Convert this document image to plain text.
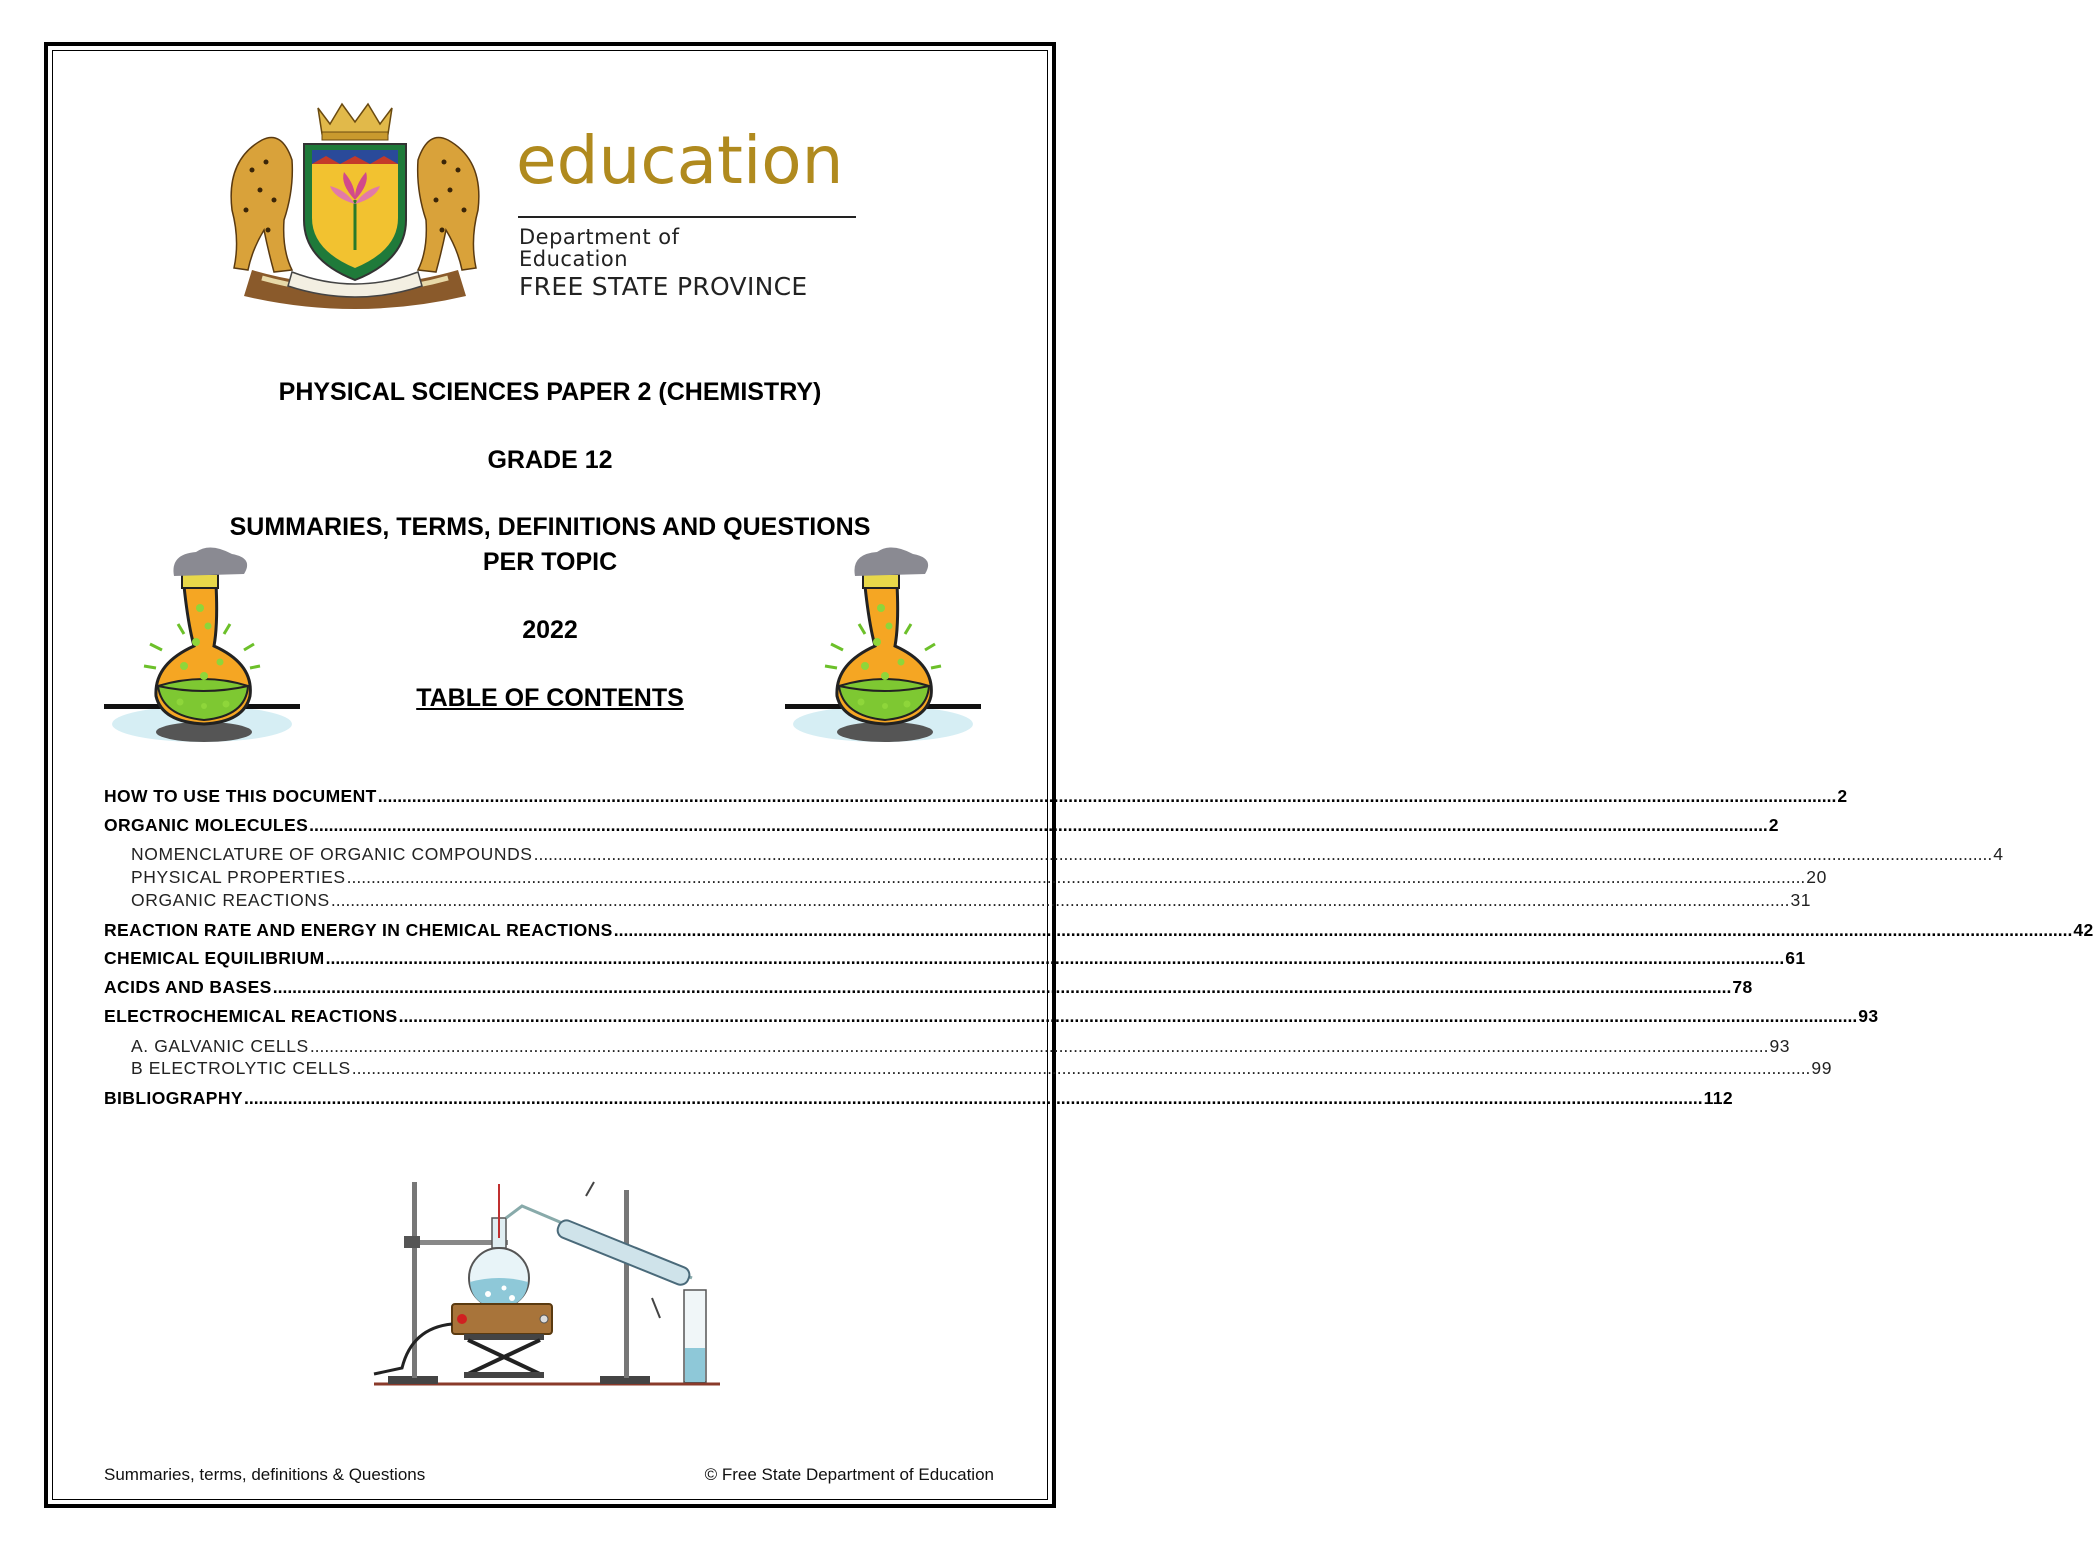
education
Department of
Education
FREE STATE PROVINCE
PHYSICAL SCIENCES PAPER 2 (CHEMISTRY)
GRADE 12
SUMMARIES, TERMS, DEFINITIONS AND QUESTIONS
PER TOPIC
2022
TABLE OF CONTENTS
HOW TO USE THIS DOCUMENT ............................................................................................................................................................................................................................................................................................................ 2
ORGANIC MOLECULES ............................................................................................................................................................................................................................................................................................................ 2
NOMENCLATURE OF ORGANIC COMPOUNDS ............................................................................................................................................................................................................................................................................................................ 4
PHYSICAL PROPERTIES ............................................................................................................................................................................................................................................................................................................ 20
ORGANIC REACTIONS ............................................................................................................................................................................................................................................................................................................ 31
REACTION RATE AND ENERGY IN CHEMICAL REACTIONS ............................................................................................................................................................................................................................................................................................................ 42
CHEMICAL EQUILIBRIUM ............................................................................................................................................................................................................................................................................................................ 61
ACIDS AND BASES ............................................................................................................................................................................................................................................................................................................ 78
ELECTROCHEMICAL REACTIONS ............................................................................................................................................................................................................................................................................................................ 93
A. GALVANIC CELLS ............................................................................................................................................................................................................................................................................................................ 93
B ELECTROLYTIC CELLS ............................................................................................................................................................................................................................................................................................................ 99
BIBLIOGRAPHY ............................................................................................................................................................................................................................................................................................................ 112
Summaries, terms, definitions & Questions	© Free State Department of Education
